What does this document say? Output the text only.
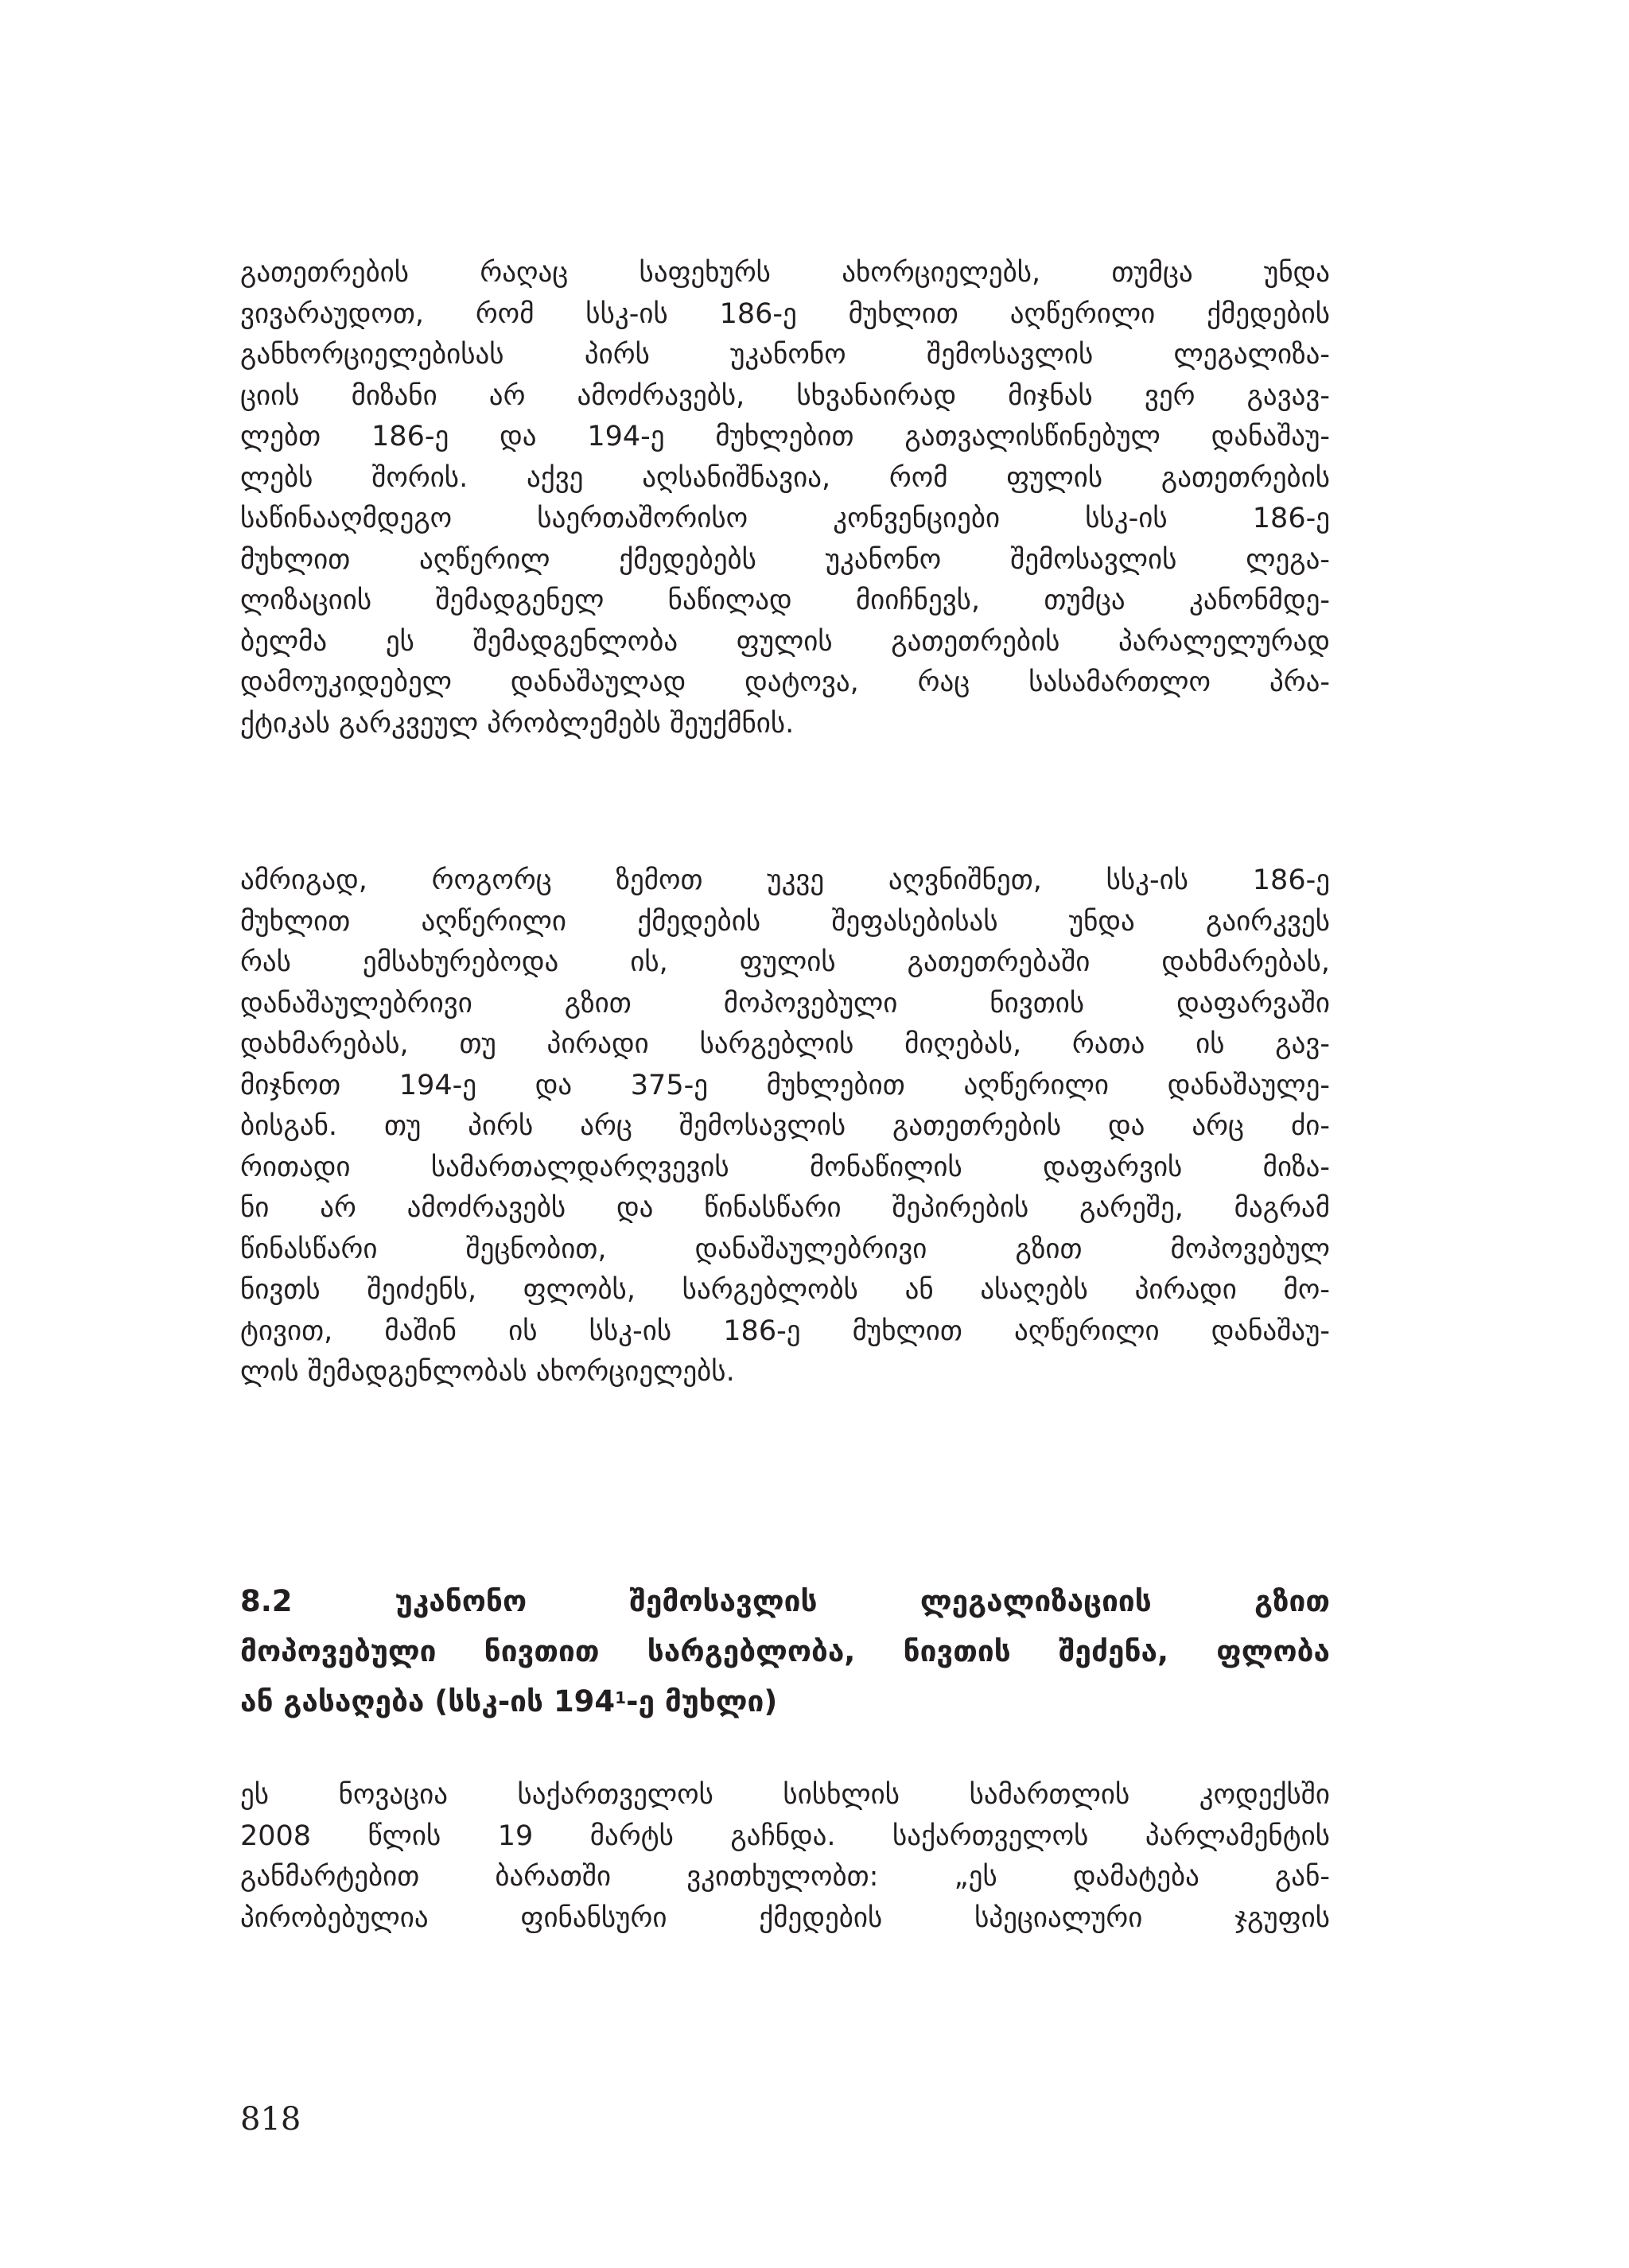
გათეთრების რაღაც საფეხურს ახორციელებს, თუმცა უნდა
ვივარაუდოთ, რომ სსკ-ის 186-ე მუხლით აღწერილი ქმედების
განხორციელებისას პირს უკანონო შემოსავლის ლეგალიზა-
ციის მიზანი არ ამოძრავებს, სხვანაირად მიჯნას ვერ გავავ-
ლებთ 186-ე და 194-ე მუხლებით გათვალისწინებულ დანაშაუ-
ლებს შორის. აქვე აღსანიშნავია, რომ ფულის გათეთრების
საწინააღმდეგო საერთაშორისო კონვენციები სსკ-ის 186-ე
მუხლით აღწერილ ქმედებებს უკანონო შემოსავლის ლეგა-
ლიზაციის შემადგენელ ნაწილად მიიჩნევს, თუმცა კანონმდე-
ბელმა ეს შემადგენლობა ფულის გათეთრების პარალელურად
დამოუკიდებელ დანაშაულად დატოვა, რაც სასამართლო პრა-
ქტიკას გარკვეულ პრობლემებს შეუქმნის.

ამრიგად, როგორც ზემოთ უკვე აღვნიშნეთ, სსკ-ის 186-ე
მუხლით აღწერილი ქმედების შეფასებისას უნდა გაირკვეს
რას ემსახურებოდა ის, ფულის გათეთრებაში დახმარებას,
დანაშაულებრივი გზით მოპოვებული ნივთის დაფარვაში
დახმარებას, თუ პირადი სარგებლის მიღებას, რათა ის გავ-
მიჯნოთ 194-ე და 375-ე მუხლებით აღწერილი დანაშაულე-
ბისგან. თუ პირს არც შემოსავლის გათეთრების და არც ძი-
რითადი სამართალდარღვევის მონაწილის დაფარვის მიზა-
ნი არ ამოძრავებს და წინასწარი შეპირების გარეშე, მაგრამ
წინასწარი შეცნობით, დანაშაულებრივი გზით მოპოვებულ
ნივთს შეიძენს, ფლობს, სარგებლობს ან ასაღებს პირადი მო-
ტივით, მაშინ ის სსკ-ის 186-ე მუხლით აღწერილი დანაშაუ-
ლის შემადგენლობას ახორციელებს.

8.2 უკანონო შემოსავლის ლეგალიზაციის გზით
მოპოვებული ნივთით სარგებლობა, ნივთის შეძენა, ფლობა
ან გასაღება (სსკ-ის $194^1-ე$ მუხლი)

ეს ნოვაცია საქართველოს სისხლის სამართლის კოდექსში
2008 წლის 19 მარტს გაჩნდა. საქართველოს პარლამენტის
განმარტებით ბარათში ვკითხულობთ: „ეს დამატება გან-
პირობებულია ფინანსური ქმედების სპეციალური ჯგუფის

818
